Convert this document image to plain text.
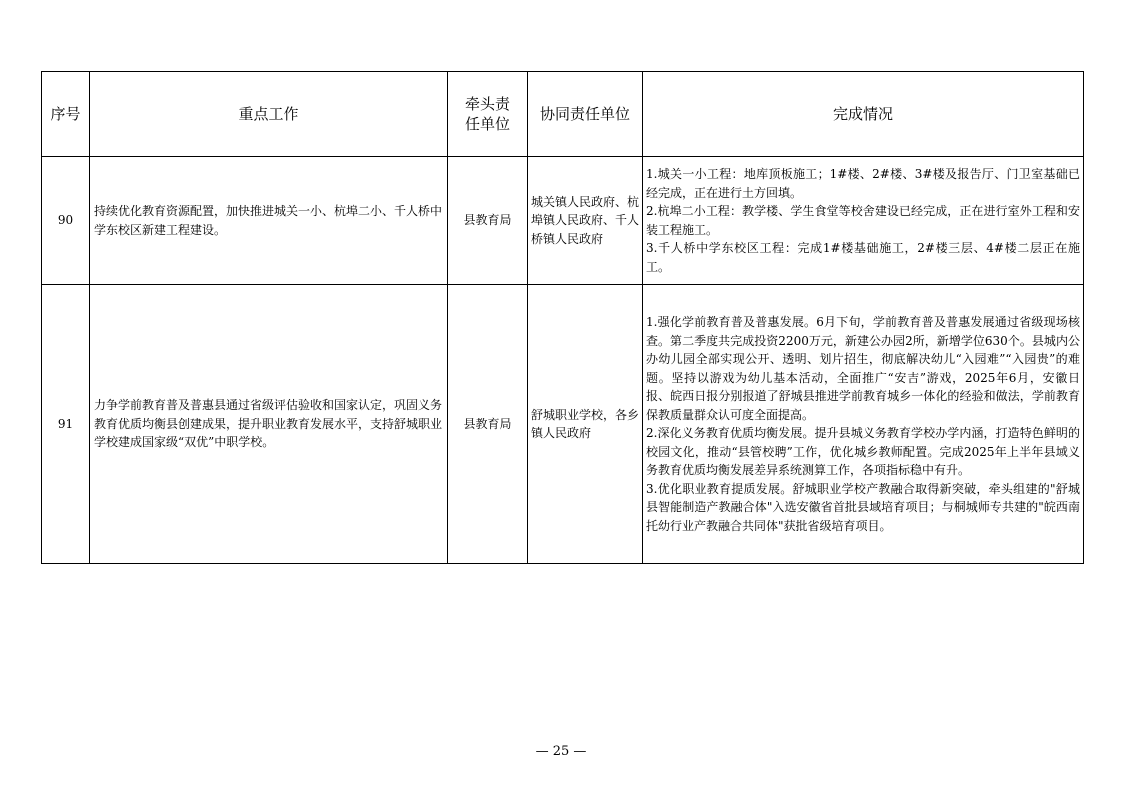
序号	重点工作	牵头责任单位	协同责任单位	完成情况
90	持续优化教育资源配置，加快推进城关一小、杭埠二小、千人桥中学东校区新建工程建设。	县教育局	城关镇人民政府、杭埠镇人民政府、千人桥镇人民政府	1.城关一小工程：地库顶板施工；1#楼、2#楼、3#楼及报告厅、门卫室基础已经完成，正在进行土方回填。
2.杭埠二小工程：教学楼、学生食堂等校舍建设已经完成，正在进行室外工程和安装工程施工。
3.千人桥中学东校区工程：完成1#楼基础施工，2#楼三层、4#楼二层正在施工。

91	力争学前教育普及普惠县通过省级评估验收和国家认定，巩固义务教育优质均衡县创建成果，提升职业教育发展水平，支持舒城职业学校建成国家级“双优”中职学校。	县教育局	舒城职业学校，各乡镇人民政府	1.强化学前教育普及普惠发展。6月下旬，学前教育普及普惠发展通过省级现场核查。第二季度共完成投资2200万元，新建公办园2所，新增学位630个。县城内公办幼儿园全部实现公开、透明、划片招生，彻底解决幼儿“入园难”“入园贵”的难题。坚持以游戏为幼儿基本活动，全面推广“安吉”游戏，2025年6月，安徽日报、皖西日报分别报道了舒城县推进学前教育城乡一体化的经验和做法，学前教育保教质量群众认可度全面提高。
2.深化义务教育优质均衡发展。提升县城义务教育学校办学内涵，打造特色鲜明的校园文化，推动“县管校聘”工作，优化城乡教师配置。完成2025年上半年县域义务教育优质均衡发展差异系统测算工作，各项指标稳中有升。
3.优化职业教育提质发展。舒城职业学校产教融合取得新突破，牵头组建的"舒城县智能制造产教融合体"入选安徽省首批县域培育项目；与桐城师专共建的"皖西南托幼行业产教融合共同体"获批省级培育项目。
— 25 —
